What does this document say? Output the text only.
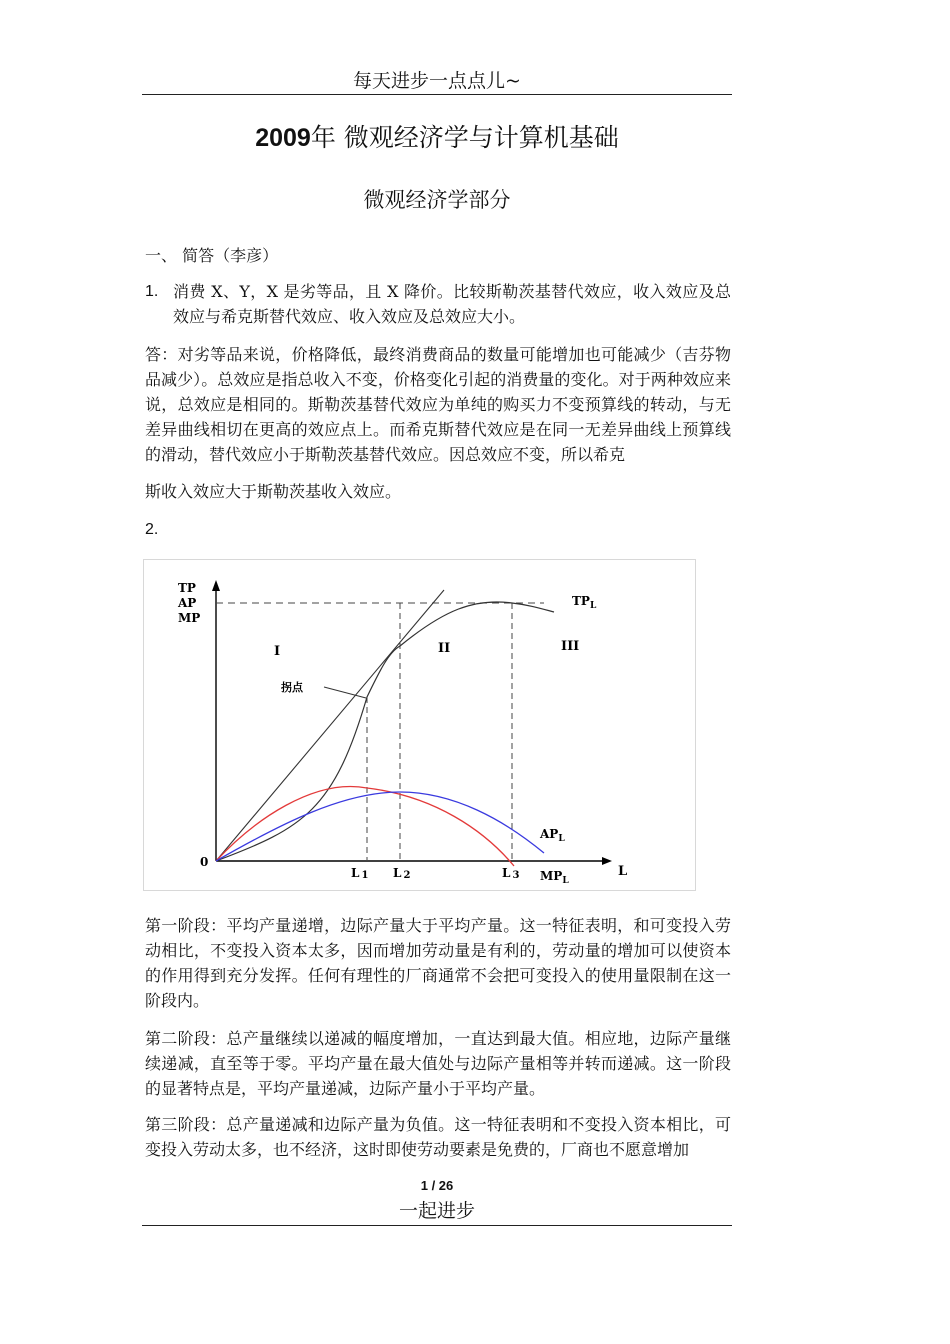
每天进步一点点儿~
2009年 微观经济学与计算机基础
微观经济学部分
一、 简答（李彦）
1. 消费 X、Y，X 是劣等品，且 X 降价。比较斯勒茨基替代效应，收入效应及总效应与希克斯替代效应、收入效应及总效应大小。
答：对劣等品来说，价格降低，最终消费商品的数量可能增加也可能减少（吉芬物品减少）。总效应是指总收入不变，价格变化引起的消费量的变化。对于两种效应来说，总效应是相同的。斯勒茨基替代效应为单纯的购买力不变预算线的转动，与无差异曲线相切在更高的效应点上。而希克斯替代效应是在同一无差异曲线上预算线的滑动，替代效应小于斯勒茨基替代效应。因总效应不变，所以希克
斯收入效应大于斯勒茨基收入效应。
2.
TP
AP
MP
0
L
I	II	III
拐点
$TP_L$
$AP_L$
$MP_L$
L 1 L 2	L 3
第一阶段：平均产量递增，边际产量大于平均产量。这一特征表明，和可变投入劳动相比，不变投入资本太多，因而增加劳动量是有利的，劳动量的增加可以使资本的作用得到充分发挥。任何有理性的厂商通常不会把可变投入的使用量限制在这一阶段内。
第二阶段：总产量继续以递减的幅度增加，一直达到最大值。相应地，边际产量继续递减，直至等于零。平均产量在最大值处与边际产量相等并转而递减。这一阶段的显著特点是，平均产量递减，边际产量小于平均产量。
第三阶段：总产量递减和边际产量为负值。这一特征表明和不变投入资本相比，可变投入劳动太多，也不经济，这时即使劳动要素是免费的，厂商也不愿意增加
1 / 26
一起进步
